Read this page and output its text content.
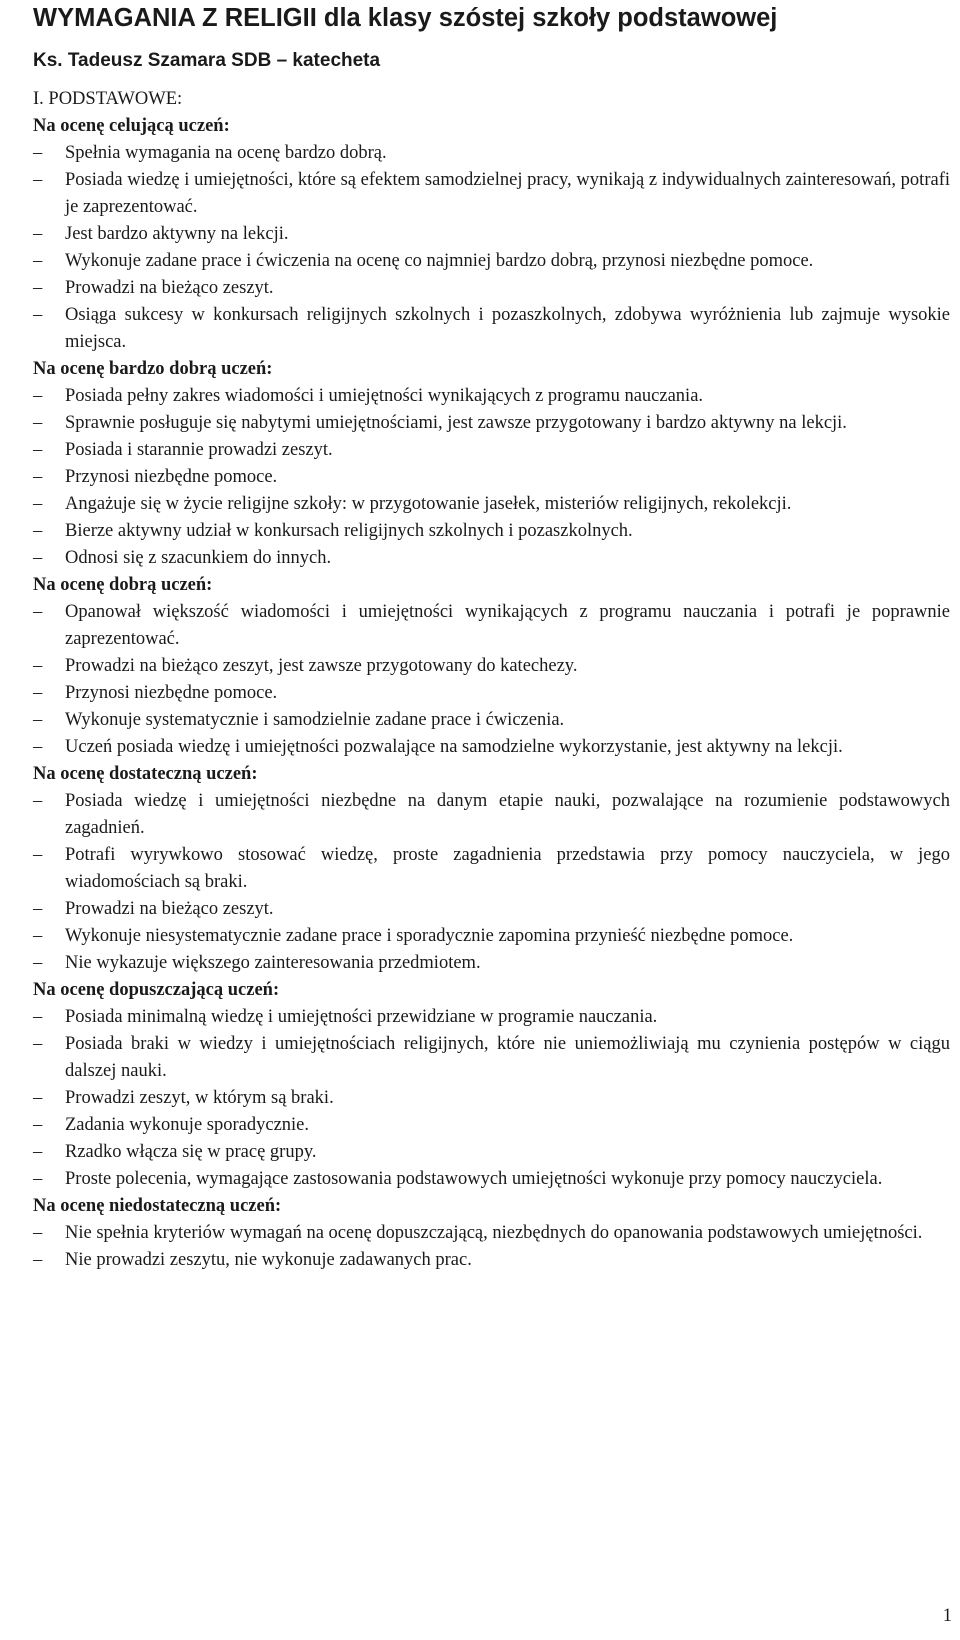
WYMAGANIA Z RELIGII dla klasy szóstej szkoły podstawowej
Ks. Tadeusz Szamara SDB – katecheta
I. PODSTAWOWE:
Na ocenę celującą uczeń:
–	Spełnia wymagania na ocenę bardzo dobrą.
–	Posiada wiedzę i umiejętności, które są efektem samodzielnej pracy, wynikają z indywidualnych zainteresowań, potrafi je zaprezentować.
–	Jest bardzo aktywny na lekcji.
–	Wykonuje zadane prace i ćwiczenia na ocenę co najmniej bardzo dobrą, przynosi niezbędne pomoce.
–	Prowadzi na bieżąco zeszyt.
–	Osiąga sukcesy w konkursach religijnych szkolnych i pozaszkolnych, zdobywa wyróżnienia lub zajmuje wysokie miejsca.
Na ocenę bardzo dobrą uczeń:
–	Posiada pełny zakres wiadomości i umiejętności wynikających z programu nauczania.
–	Sprawnie posługuje się nabytymi umiejętnościami, jest zawsze przygotowany i bardzo aktywny na lekcji.
–	Posiada i starannie prowadzi zeszyt.
–	Przynosi niezbędne pomoce.
–	Angażuje się w życie religijne szkoły: w przygotowanie jasełek, misteriów religijnych, rekolekcji.
–	Bierze aktywny udział w konkursach religijnych szkolnych i pozaszkolnych.
–	Odnosi się z szacunkiem do innych.
Na ocenę dobrą uczeń:
–	Opanował większość wiadomości i umiejętności wynikających z programu nauczania i potrafi je poprawnie zaprezentować.
–	Prowadzi na bieżąco zeszyt, jest zawsze przygotowany do katechezy.
–	Przynosi niezbędne pomoce.
–	Wykonuje systematycznie i samodzielnie zadane prace i ćwiczenia.
–	Uczeń posiada wiedzę i umiejętności pozwalające na samodzielne wykorzystanie, jest aktywny na lekcji.
Na ocenę dostateczną uczeń:
–	Posiada wiedzę i umiejętności niezbędne na danym etapie nauki, pozwalające na rozumienie podstawowych zagadnień.
–	Potrafi wyrywkowo stosować wiedzę, proste zagadnienia przedstawia przy pomocy nauczyciela, w jego wiadomościach są braki.
–	Prowadzi na bieżąco zeszyt.
–	Wykonuje niesystematycznie zadane prace i sporadycznie zapomina przynieść niezbędne pomoce.
–	Nie wykazuje większego zainteresowania przedmiotem.
Na ocenę dopuszczającą uczeń:
–	Posiada minimalną wiedzę i umiejętności przewidziane w programie nauczania.
–	Posiada braki w wiedzy i umiejętnościach religijnych, które nie uniemożliwiają mu czynienia postępów w ciągu dalszej nauki.
–	Prowadzi zeszyt, w którym są braki.
–	Zadania wykonuje sporadycznie.
–	Rzadko włącza się w pracę grupy.
–	Proste polecenia, wymagające zastosowania podstawowych umiejętności wykonuje przy pomocy nauczyciela.
Na ocenę niedostateczną uczeń:
–	Nie spełnia kryteriów wymagań na ocenę dopuszczającą, niezbędnych do opanowania podstawowych umiejętności.
–	Nie prowadzi zeszytu, nie wykonuje zadawanych prac.
1
